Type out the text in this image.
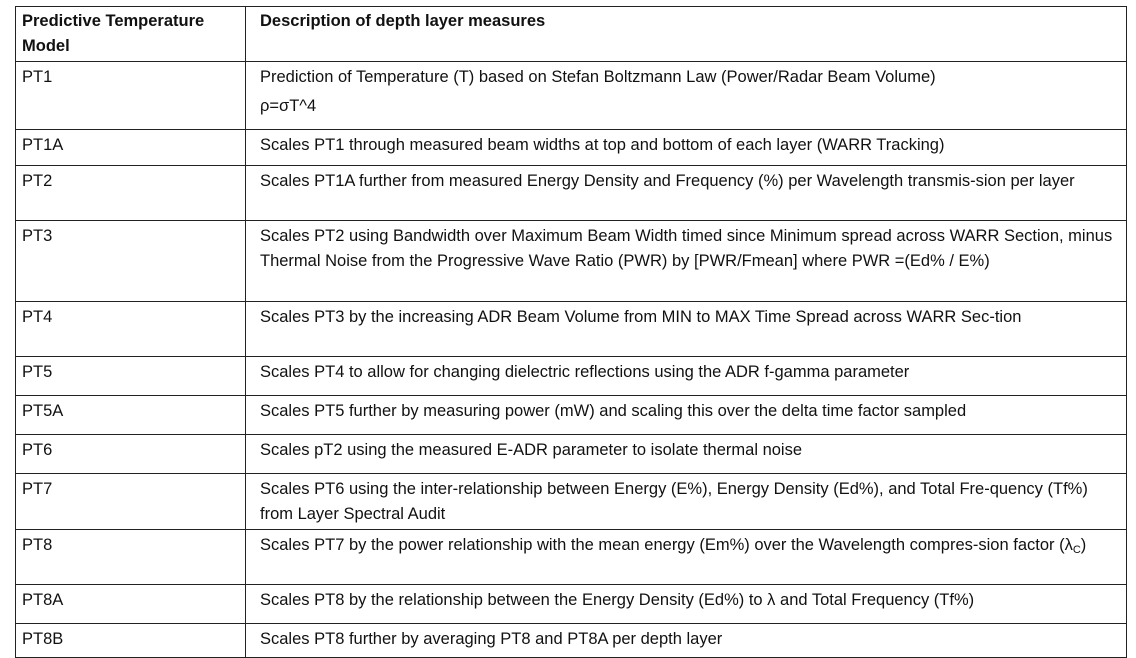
Predictive Temperature Model	Description of depth layer measures
PT1	Prediction of Temperature (T) based on Stefan Boltzmann Law (Power/Radar Beam Volume)
ρ=σT^4

PT1A	Scales PT1 through measured beam widths at top and bottom of each layer (WARR Tracking)
PT2	Scales PT1A further from measured Energy Density and Frequency (%) per Wavelength transmis-sion per layer
PT3	Scales PT2 using Bandwidth over Maximum Beam Width timed since Minimum spread across WARR Section, minus Thermal Noise from the Progressive Wave Ratio (PWR) by [PWR/Fmean] where PWR =(Ed% / E%)
PT4	Scales PT3 by the increasing ADR Beam Volume from MIN to MAX Time Spread across WARR Sec-tion
PT5	Scales PT4 to allow for changing dielectric reflections using the ADR f-gamma parameter
PT5A	Scales PT5 further by measuring power (mW) and scaling this over the delta time factor sampled
PT6	Scales pT2 using the measured E-ADR parameter to isolate thermal noise
PT7	Scales PT6 using the inter-relationship between Energy (E%), Energy Density (Ed%), and Total Fre-quency (Tf%) from Layer Spectral Audit
PT8	Scales PT7 by the power relationship with the mean energy (Em%) over the Wavelength compres-sion factor $(\lambda_C)$
PT8A	Scales PT8 by the relationship between the Energy Density (Ed%) to λ and Total Frequency (Tf%)
PT8B	Scales PT8 further by averaging PT8 and PT8A per depth layer
